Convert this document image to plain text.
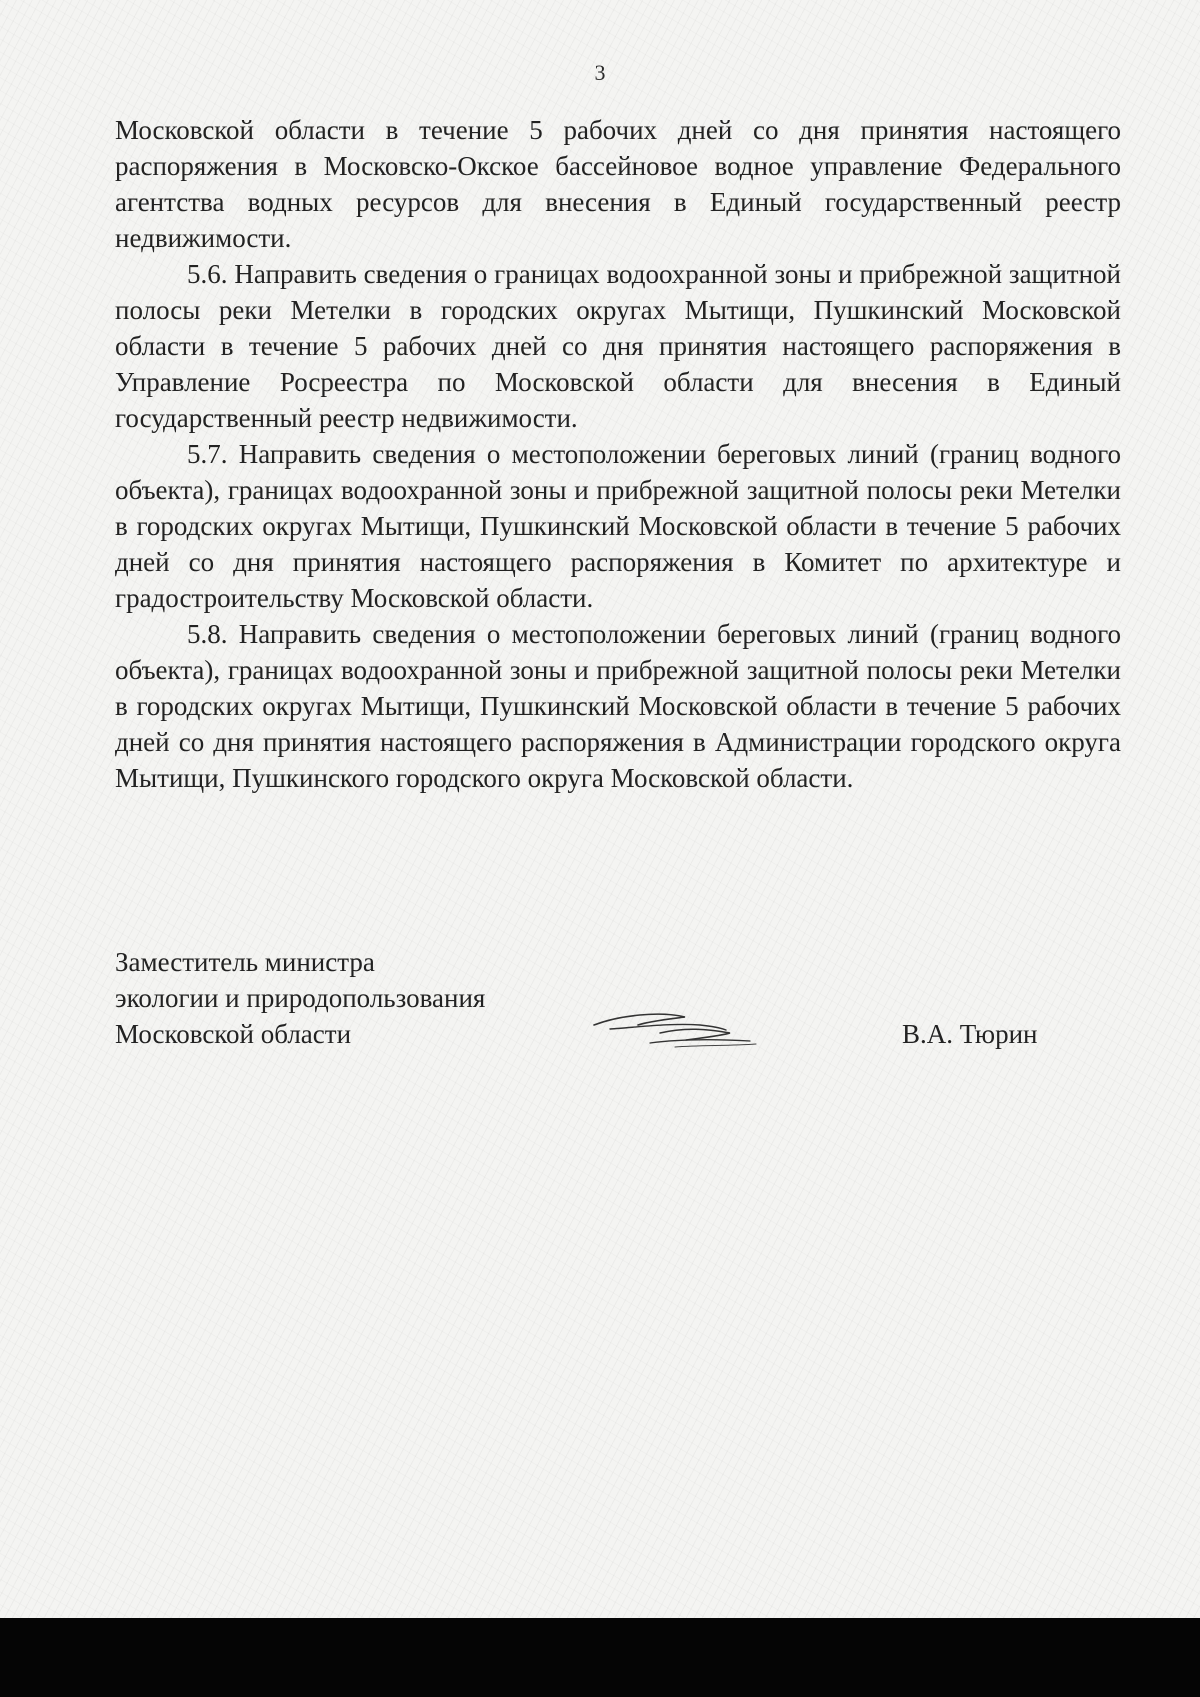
3

Московской области в течение 5 рабочих дней со дня принятия настоящего распоряжения в Московско-Окское бассейновое водное управление Федерального агентства водных ресурсов для внесения в Единый государственный реестр недвижимости.

5.6. Направить сведения о границах водоохранной зоны и прибрежной защитной полосы реки Метелки в городских округах Мытищи, Пушкинский Московской области в течение 5 рабочих дней со дня принятия настоящего распоряжения в Управление Росреестра по Московской области для внесения в Единый государственный реестр недвижимости.

5.7. Направить сведения о местоположении береговых линий (границ водного объекта), границах водоохранной зоны и прибрежной защитной полосы реки Метелки в городских округах Мытищи, Пушкинский Московской области в течение 5 рабочих дней со дня принятия настоящего распоряжения в Комитет по архитектуре и градостроительству Московской области.

5.8. Направить сведения о местоположении береговых линий (границ водного объекта), границах водоохранной зоны и прибрежной защитной полосы реки Метелки в городских округах Мытищи, Пушкинский Московской области в течение 5 рабочих дней со дня принятия настоящего распоряжения в Администрации городского округа Мытищи, Пушкинского городского округа Московской области.

Заместитель министра
экологии и природопользования
Московской области	В.А. Тюрин
